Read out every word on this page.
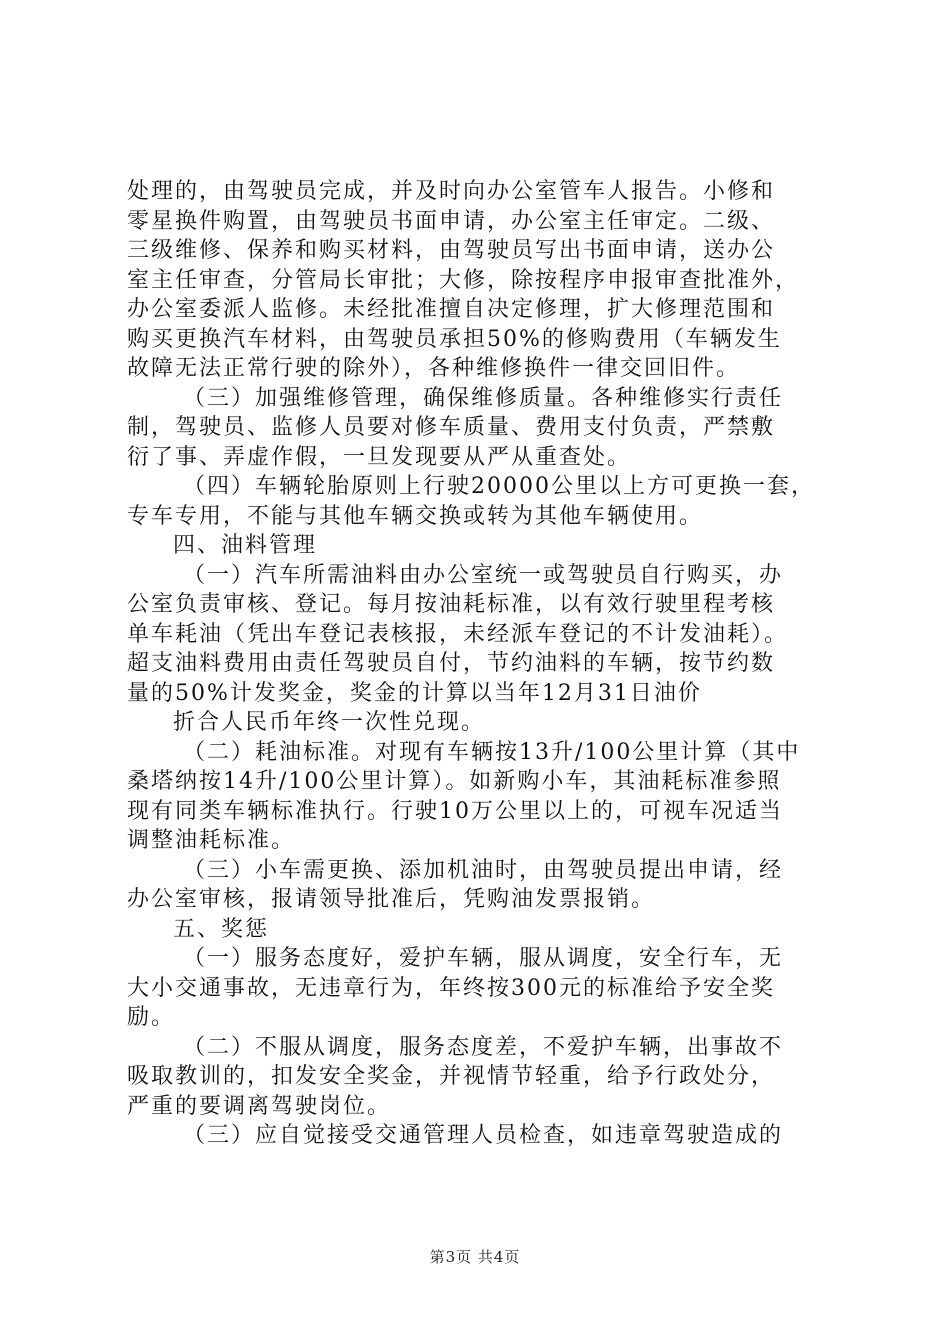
处理的，由驾驶员完成，并及时向办公室管车人报告。小修和

零星换件购置，由驾驶员书面申请，办公室主任审定。二级、

三级维修、保养和购买材料，由驾驶员写出书面申请，送办公

室主任审查，分管局长审批；大修，除按程序申报审查批准外，

办公室委派人监修。未经批准擅自决定修理，扩大修理范围和

购买更换汽车材料，由驾驶员承担50%的修购费用（车辆发生

故障无法正常行驶的除外），各种维修换件一律交回旧件。

（三）加强维修管理，确保维修质量。各种维修实行责任

制，驾驶员、监修人员要对修车质量、费用支付负责，严禁敷

衍了事、弄虚作假，一旦发现要从严从重查处。

（四）车辆轮胎原则上行驶20000公里以上方可更换一套，

专车专用，不能与其他车辆交换或转为其他车辆使用。

四、油料管理

（一）汽车所需油料由办公室统一或驾驶员自行购买，办

公室负责审核、登记。每月按油耗标准，以有效行驶里程考核

单车耗油（凭出车登记表核报，未经派车登记的不计发油耗）。

超支油料费用由责任驾驶员自付，节约油料的车辆，按节约数

量的50%计发奖金，奖金的计算以当年12月31日油价

折合人民币年终一次性兑现。

（二）耗油标准。对现有车辆按13升/100公里计算（其中

桑塔纳按14升/100公里计算）。如新购小车，其油耗标准参照

现有同类车辆标准执行。行驶10万公里以上的，可视车况适当

调整油耗标准。

（三）小车需更换、添加机油时，由驾驶员提出申请，经

办公室审核，报请领导批准后，凭购油发票报销。

五、奖惩

（一）服务态度好，爱护车辆，服从调度，安全行车，无

大小交通事故，无违章行为，年终按300元的标准给予安全奖

励。

（二）不服从调度，服务态度差，不爱护车辆，出事故不

吸取教训的，扣发安全奖金，并视情节轻重，给予行政处分，

严重的要调离驾驶岗位。

（三）应自觉接受交通管理人员检查，如违章驾驶造成的

第3页 共4页
